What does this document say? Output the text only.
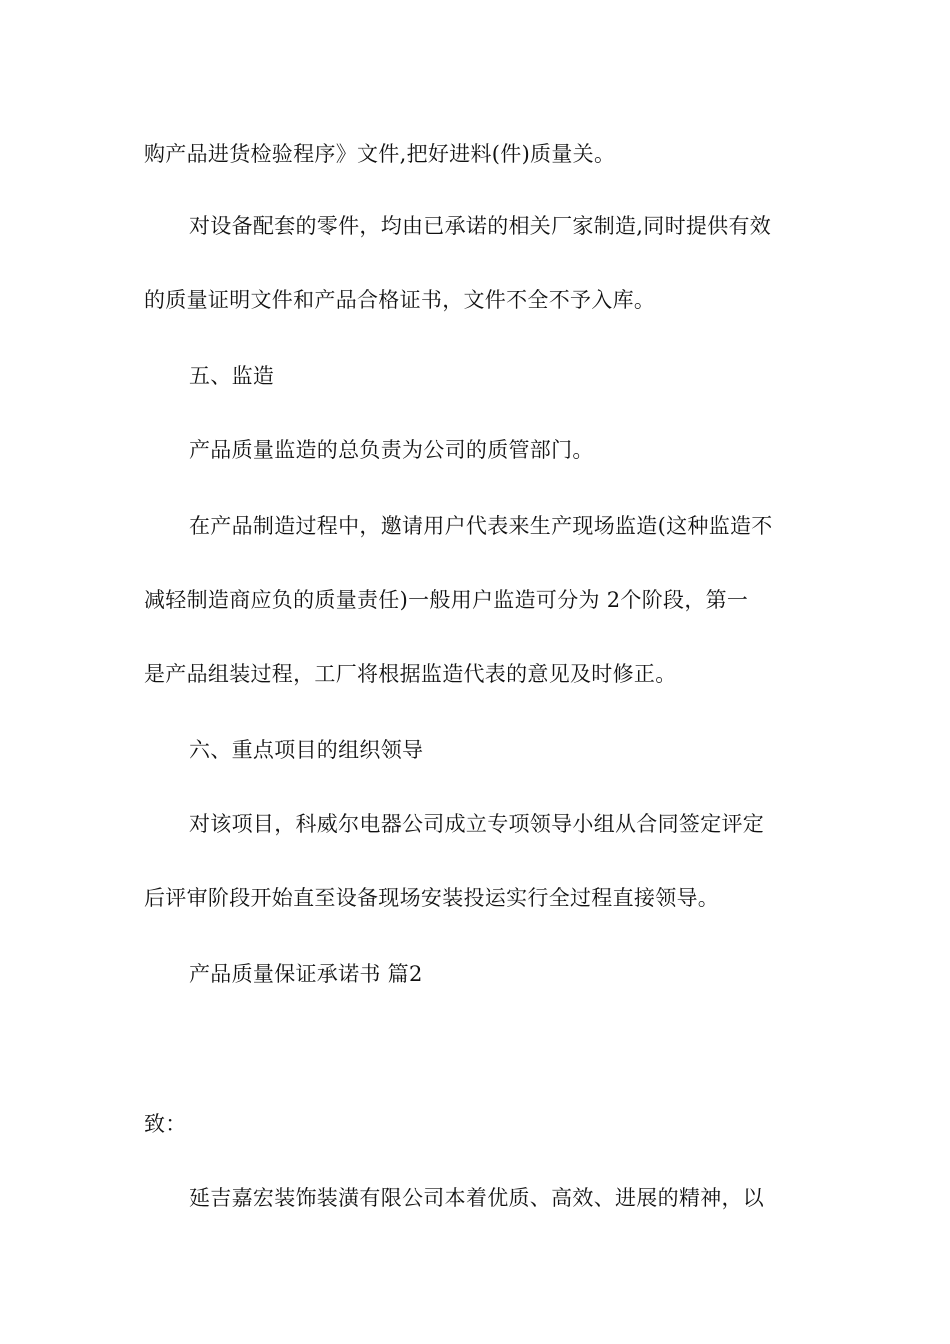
购产品进货检验程序》文件,把好进料(件)质量关。
对设备配套的零件，均由已承诺的相关厂家制造,同时提供有效
的质量证明文件和产品合格证书，文件不全不予入库。
五、监造
产品质量监造的总负责为公司的质管部门。
在产品制造过程中，邀请用户代表来生产现场监造(这种监造不
减轻制造商应负的质量责任)一般用户监造可分为 2个阶段，第一
是产品组装过程，工厂将根据监造代表的意见及时修正。
六、重点项目的组织领导
对该项目，科威尔电器公司成立专项领导小组从合同签定评定
后评审阶段开始直至设备现场安装投运实行全过程直接领导。
产品质量保证承诺书 篇2
致：
延吉嘉宏装饰装潢有限公司本着优质、高效、进展的精神，以
